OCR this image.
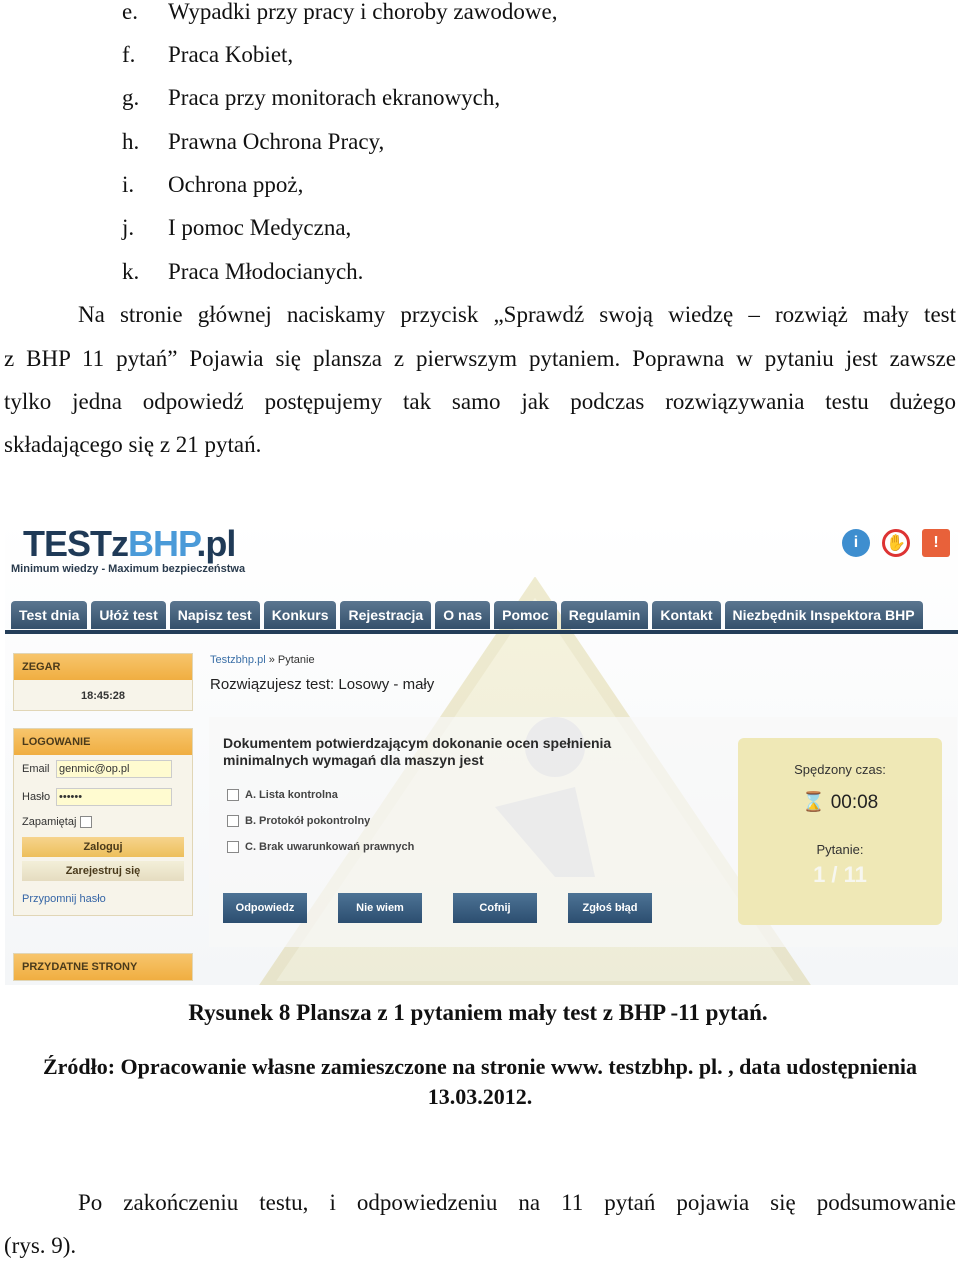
e. Wypadki przy pracy i choroby zawodowe,
f. Praca Kobiet,
g. Praca przy monitorach ekranowych,
h. Prawna Ochrona Pracy,
i. Ochrona ppoż,
j. I pomoc Medyczna,
k. Praca Młodocianych.
Na stronie głównej naciskamy przycisk „Sprawdź swoją wiedzę – rozwiąż mały test
z BHP 11 pytań” Pojawia się plansza z pierwszym pytaniem. Poprawna w pytaniu jest zawsze
tylko jedna odpowiedź postępujemy tak samo jak podczas rozwiązywania testu dużego
składającego się z 21 pytań.
TESTzBHP.pl
Minimum wiedzy - Maximum bezpieczeństwa
i	✋	!
Test dnia	Ułóż test	Napisz test	Konkurs	Rejestracja	O nas	Pomoc	Regulamin	Kontakt	Niezbędnik Inspektora BHP
ZEGAR
18:45:28
LOGOWANIE
Email genmic@op.pl
Hasło ••••••
Zapamiętaj
Zaloguj
Zarejestruj się
Przypomnij hasło
PRZYDATNE STRONY
Testzbhp.pl » Pytanie
Rozwiązujesz test: Losowy - mały
Dokumentem potwierdzającym dokonanie ocen spełnienia minimalnych wymagań dla maszyn jest
A. Lista kontrolna
B. Protokół pokontrolny
C. Brak uwarunkowań prawnych
Odpowiedz	Nie wiem	Cofnij	Zgłoś błąd
Spędzony czas:
⌛ 00:08
Pytanie:
1 / 11
Rysunek 8 Plansza z 1 pytaniem mały test z BHP -11 pytań.
Źródło: Opracowanie własne zamieszczone na stronie www. testzbhp. pl. , data udostępnienia
13.03.2012.
Po zakończeniu testu, i odpowiedzeniu na 11 pytań pojawia się podsumowanie
(rys. 9).
